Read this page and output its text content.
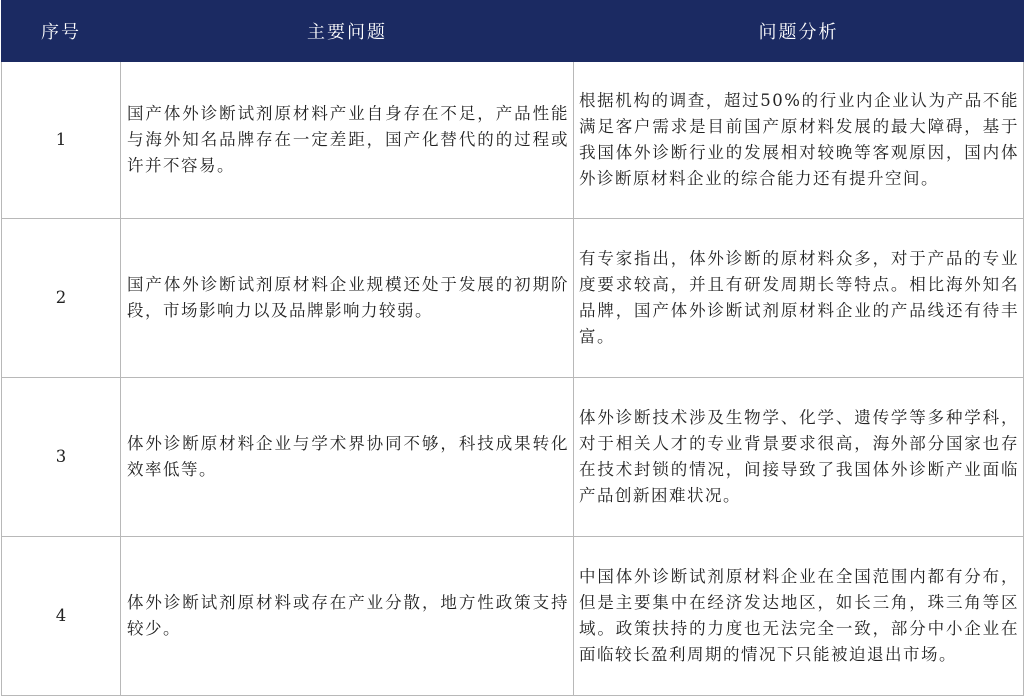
序号	主要问题	问题分析
1	国产体外诊断试剂原材料产业自身存在不足，产品性能与海外知名品牌存在一定差距，国产化替代的的过程或许并不容易。	根据机构的调查，超过50%的行业内企业认为产品不能满足客户需求是目前国产原材料发展的最大障碍，基于我国体外诊断行业的发展相对较晚等客观原因，国内体外诊断原材料企业的综合能力还有提升空间。
2	国产体外诊断试剂原材料企业规模还处于发展的初期阶段，市场影响力以及品牌影响力较弱。	有专家指出，体外诊断的原材料众多，对于产品的专业度要求较高，并且有研发周期长等特点。相比海外知名品牌，国产体外诊断试剂原材料企业的产品线还有待丰富。
3	体外诊断原材料企业与学术界协同不够，科技成果转化效率低等。	体外诊断技术涉及生物学、化学、遗传学等多种学科，对于相关人才的专业背景要求很高，海外部分国家也存在技术封锁的情况，间接导致了我国体外诊断产业面临产品创新困难状况。
4	体外诊断试剂原材料或存在产业分散，地方性政策支持较少。	中国体外诊断试剂原材料企业在全国范围内都有分布，但是主要集中在经济发达地区，如长三角，珠三角等区域。政策扶持的力度也无法完全一致，部分中小企业在面临较长盈利周期的情况下只能被迫退出市场。
